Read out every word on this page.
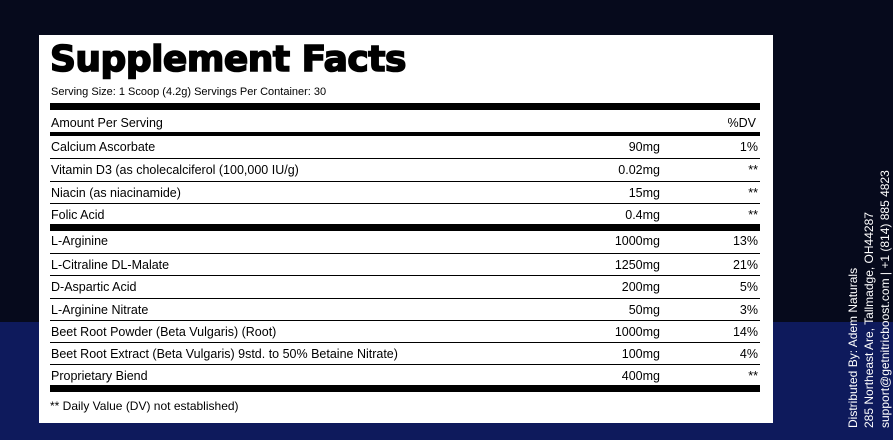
Supplement Facts
Serving Size: 1 Scoop (4.2g) Servings Per Container: 30
Amount Per Serving	%DV
Calcium Ascorbate	90mg	1%
Vitamin D3 (as cholecalciferol (100,000 IU/g)	0.02mg	**
Niacin (as niacinamide)	15mg	**
Folic Acid	0.4mg	**
L-Arginine	1000mg	13%
L-Citraline DL-Malate	1250mg	21%
D-Aspartic Acid	200mg	5%
L-Arginine Nitrate	50mg	3%
Beet Root Powder (Beta Vulgaris) (Root)	1000mg	14%
Beet Root Extract (Beta Vulgaris) 9std. to 50% Betaine Nitrate)	100mg	4%
Proprietary Biend	400mg	**
** Daily Value (DV) not established)	Distributed By: Adem Naturals 285 Northeast Are, Tallmadge, OH44287 support@getnitricboost.com | +1 (814) 885 4823
